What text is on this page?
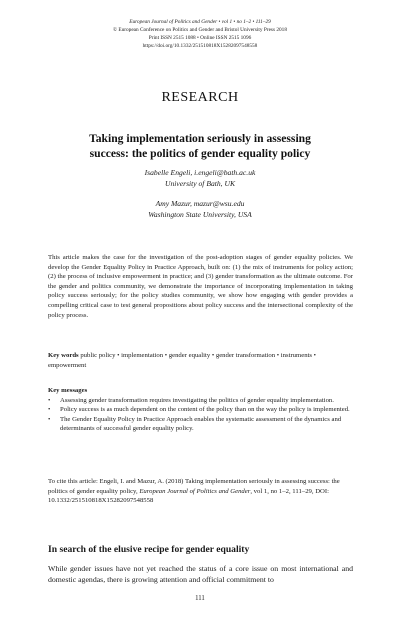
European Journal of Politics and Gender • vol 1 • no 1–2 • 111–29
© European Conference on Politics and Gender and Bristol University Press 2018
Print ISSN 2515 1088 • Online ISSN 2515 1096
https://doi.org/10.1332/251510818X15282097548558
RESEARCH
Taking implementation seriously in assessing
success: the politics of gender equality policy
Isabelle Engeli, i.engeli@bath.ac.uk
University of Bath, UK
Amy Mazur, mazur@wsu.edu
Washington State University, USA

This article makes the case for the investigation of the post-adoption stages of gender equality policies. We develop the Gender Equality Policy in Practice Approach, built on: (1) the mix of instruments for policy action; (2) the process of inclusive empowerment in practice; and (3) gender transformation as the ultimate outcome. For the gender and politics community, we demonstrate the importance of incorporating implementation in taking policy success seriously; for the policy studies community, we show how engaging with gender provides a compelling critical case to test general propositions about policy success and the intersectional complexity of the policy process.

Key words public policy • implementation • gender equality • gender transformation • instruments • empowerment
Key messages
• Assessing gender transformation requires investigating the politics of gender equality implementation.
• Policy success is as much dependent on the content of the policy than on the way the policy is implemented.
• The Gender Equality Policy in Practice Approach enables the systematic assessment of the dynamics and determinants of successful gender equality policy.
To cite this article: Engeli, I. and Mazur, A. (2018) Taking implementation seriously in assessing success: the politics of gender equality policy, European Journal of Politics and Gender, vol 1, no 1–2, 111–29, DOI: 10.1332/251510818X15282097548558
In search of the elusive recipe for gender equality

While gender issues have not yet reached the status of a core issue on most international and domestic agendas, there is growing attention and official commitment to

111
